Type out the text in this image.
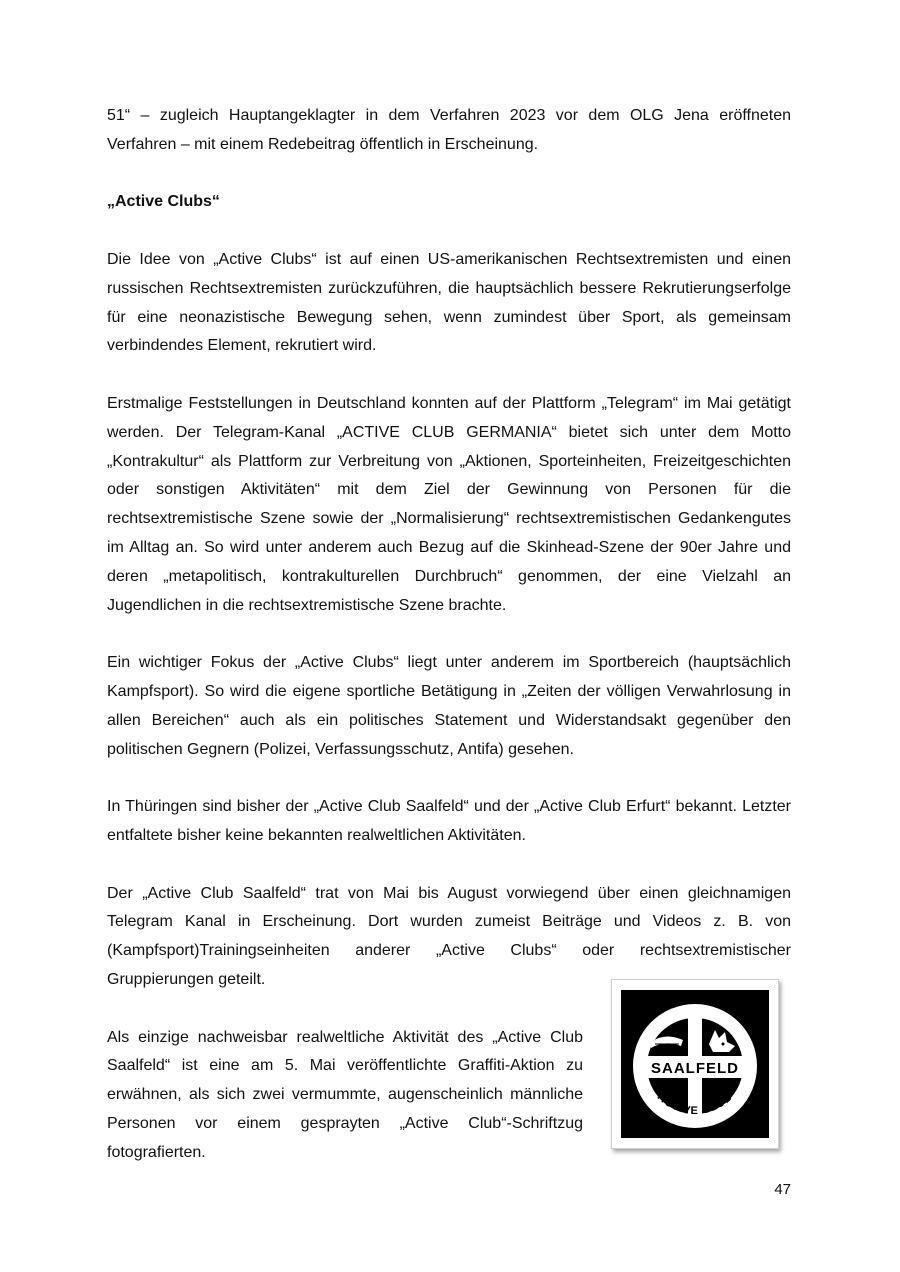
51“ – zugleich Hauptangeklagter in dem Verfahren 2023 vor dem OLG Jena eröffneten Verfahren – mit einem Redebeitrag öffentlich in Erscheinung.

„Active Clubs“

Die Idee von „Active Clubs“ ist auf einen US-amerikanischen Rechtsextremisten und einen russischen Rechtsextremisten zurückzuführen, die hauptsächlich bessere Rekrutierungserfolge für eine neonazistische Bewegung sehen, wenn zumindest über Sport, als gemeinsam verbindendes Element, rekrutiert wird.

Erstmalige Feststellungen in Deutschland konnten auf der Plattform „Telegram“ im Mai getätigt werden. Der Telegram-Kanal „ACTIVE CLUB GERMANIA“ bietet sich unter dem Motto „Kontrakultur“ als Plattform zur Verbreitung von „Aktionen, Sporteinheiten, Freizeitgeschichten oder sonstigen Aktivitäten“ mit dem Ziel der Gewinnung von Personen für die rechtsextremistische Szene sowie der „Normalisierung“ rechtsextremistischen Gedankengutes im Alltag an. So wird unter anderem auch Bezug auf die Skinhead-Szene der 90er Jahre und deren „metapolitisch, kontrakulturellen Durchbruch“ genommen, der eine Vielzahl an Jugendlichen in die rechtsextremistische Szene brachte.

Ein wichtiger Fokus der „Active Clubs“ liegt unter anderem im Sportbereich (hauptsächlich Kampfsport). So wird die eigene sportliche Betätigung in „Zeiten der völligen Verwahrlosung in allen Bereichen“ auch als ein politisches Statement und Widerstandsakt gegenüber den politischen Gegnern (Polizei, Verfassungsschutz, Antifa) gesehen.

In Thüringen sind bisher der „Active Club Saalfeld“ und der „Active Club Erfurt“ bekannt. Letzter entfaltete bisher keine bekannten realweltlichen Aktivitäten.

Der „Active Club Saalfeld“ trat von Mai bis August vorwiegend über einen gleichnamigen Telegram Kanal in Erscheinung. Dort wurden zumeist Beiträge und Videos z. B. von (Kampfsport)Trainingseinheiten anderer „Active Clubs“ oder rechtsextremistischer Gruppierungen geteilt.

Als einzige nachweisbar realweltliche Aktivität des „Active Club Saalfeld“ ist eine am 5. Mai veröffentlichte Graffiti-Aktion zu erwähnen, als sich zwei vermummte, augenscheinlich männliche Personen vor einem gesprayten „Active Club“-Schriftzug fotografierten.

SAALFELD
ACTIVE CLUB
47
